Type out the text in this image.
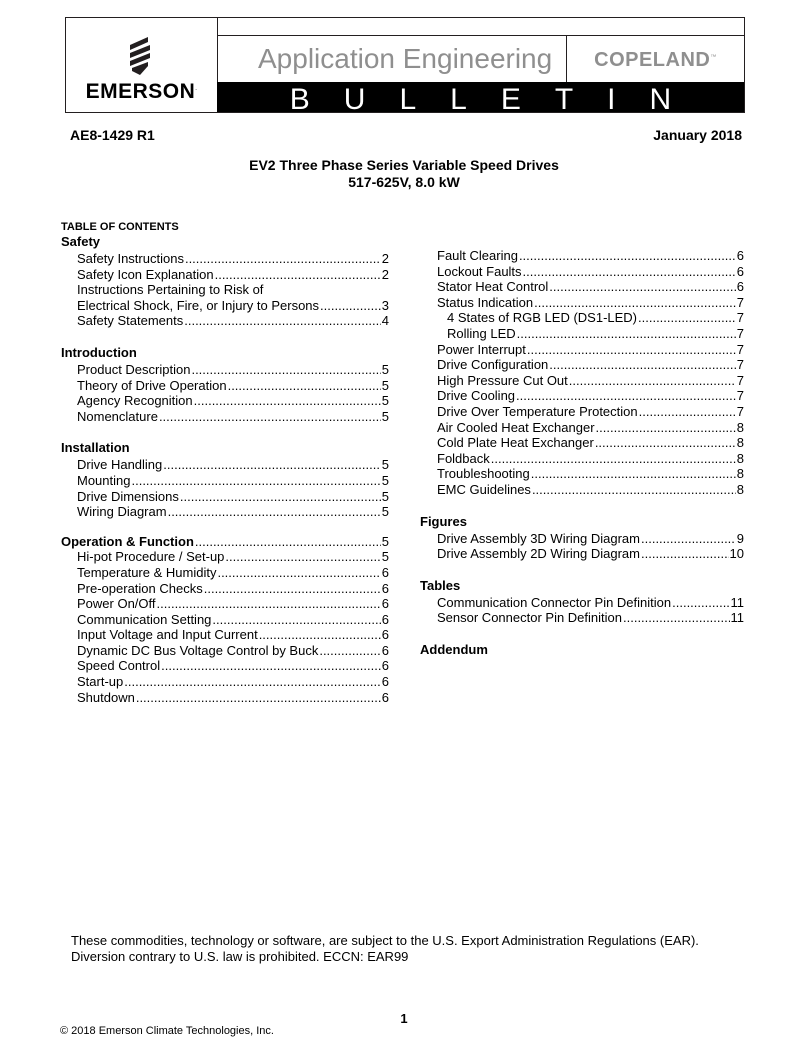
EMERSON.
Application Engineering	COPELAND™
BULLETIN
AE8-1429 R1	January 2018
EV2 Three Phase Series Variable Speed Drives
517-625V, 8.0 kW
TABLE OF CONTENTS
Safety
Safety Instructions .....	2
Safety Icon Explanation .....	2
Instructions Pertaining to Risk of
Electrical Shock, Fire, or Injury to Persons .....	3
Safety Statements .....	4
Introduction
Product Description .....	5
Theory of Drive Operation .....	5
Agency Recognition .....	5
Nomenclature .....	5
Installation
Drive Handling .....	5
Mounting .....	5
Drive Dimensions .....	5
Wiring Diagram .....	5
Operation & Function .....	5
Hi-pot Procedure / Set-up .....	5
Temperature & Humidity .....	6
Pre-operation Checks .....	6
Power On/Off .....	6
Communication Setting .....	6
Input Voltage and Input Current .....	6
Dynamic DC Bus Voltage Control by Buck .....	6
Speed Control .....	6
Start-up .....	6
Shutdown .....	6
Fault Clearing .....	6
Lockout Faults .....	6
Stator Heat Control .....	6
Status Indication .....	7
4 States of RGB LED (DS1-LED) .....	7
Rolling LED .....	7
Power Interrupt .....	7
Drive Configuration .....	7
High Pressure Cut Out .....	7
Drive Cooling .....	7
Drive Over Temperature Protection .....	7
Air Cooled Heat Exchanger .....	8
Cold Plate Heat Exchanger .....	8
Foldback .....	8
Troubleshooting .....	8
EMC Guidelines .....	8
Figures
Drive Assembly 3D Wiring Diagram .....	9
Drive Assembly 2D Wiring Diagram .....	10
Tables
Communication Connector Pin Definition .....	11
Sensor Connector Pin Definition .....	11
Addendum
These commodities, technology or software, are subject to the U.S. Export Administration Regulations (EAR).
Diversion contrary to U.S. law is prohibited. ECCN: EAR99
1
© 2018 Emerson Climate Technologies, Inc.
